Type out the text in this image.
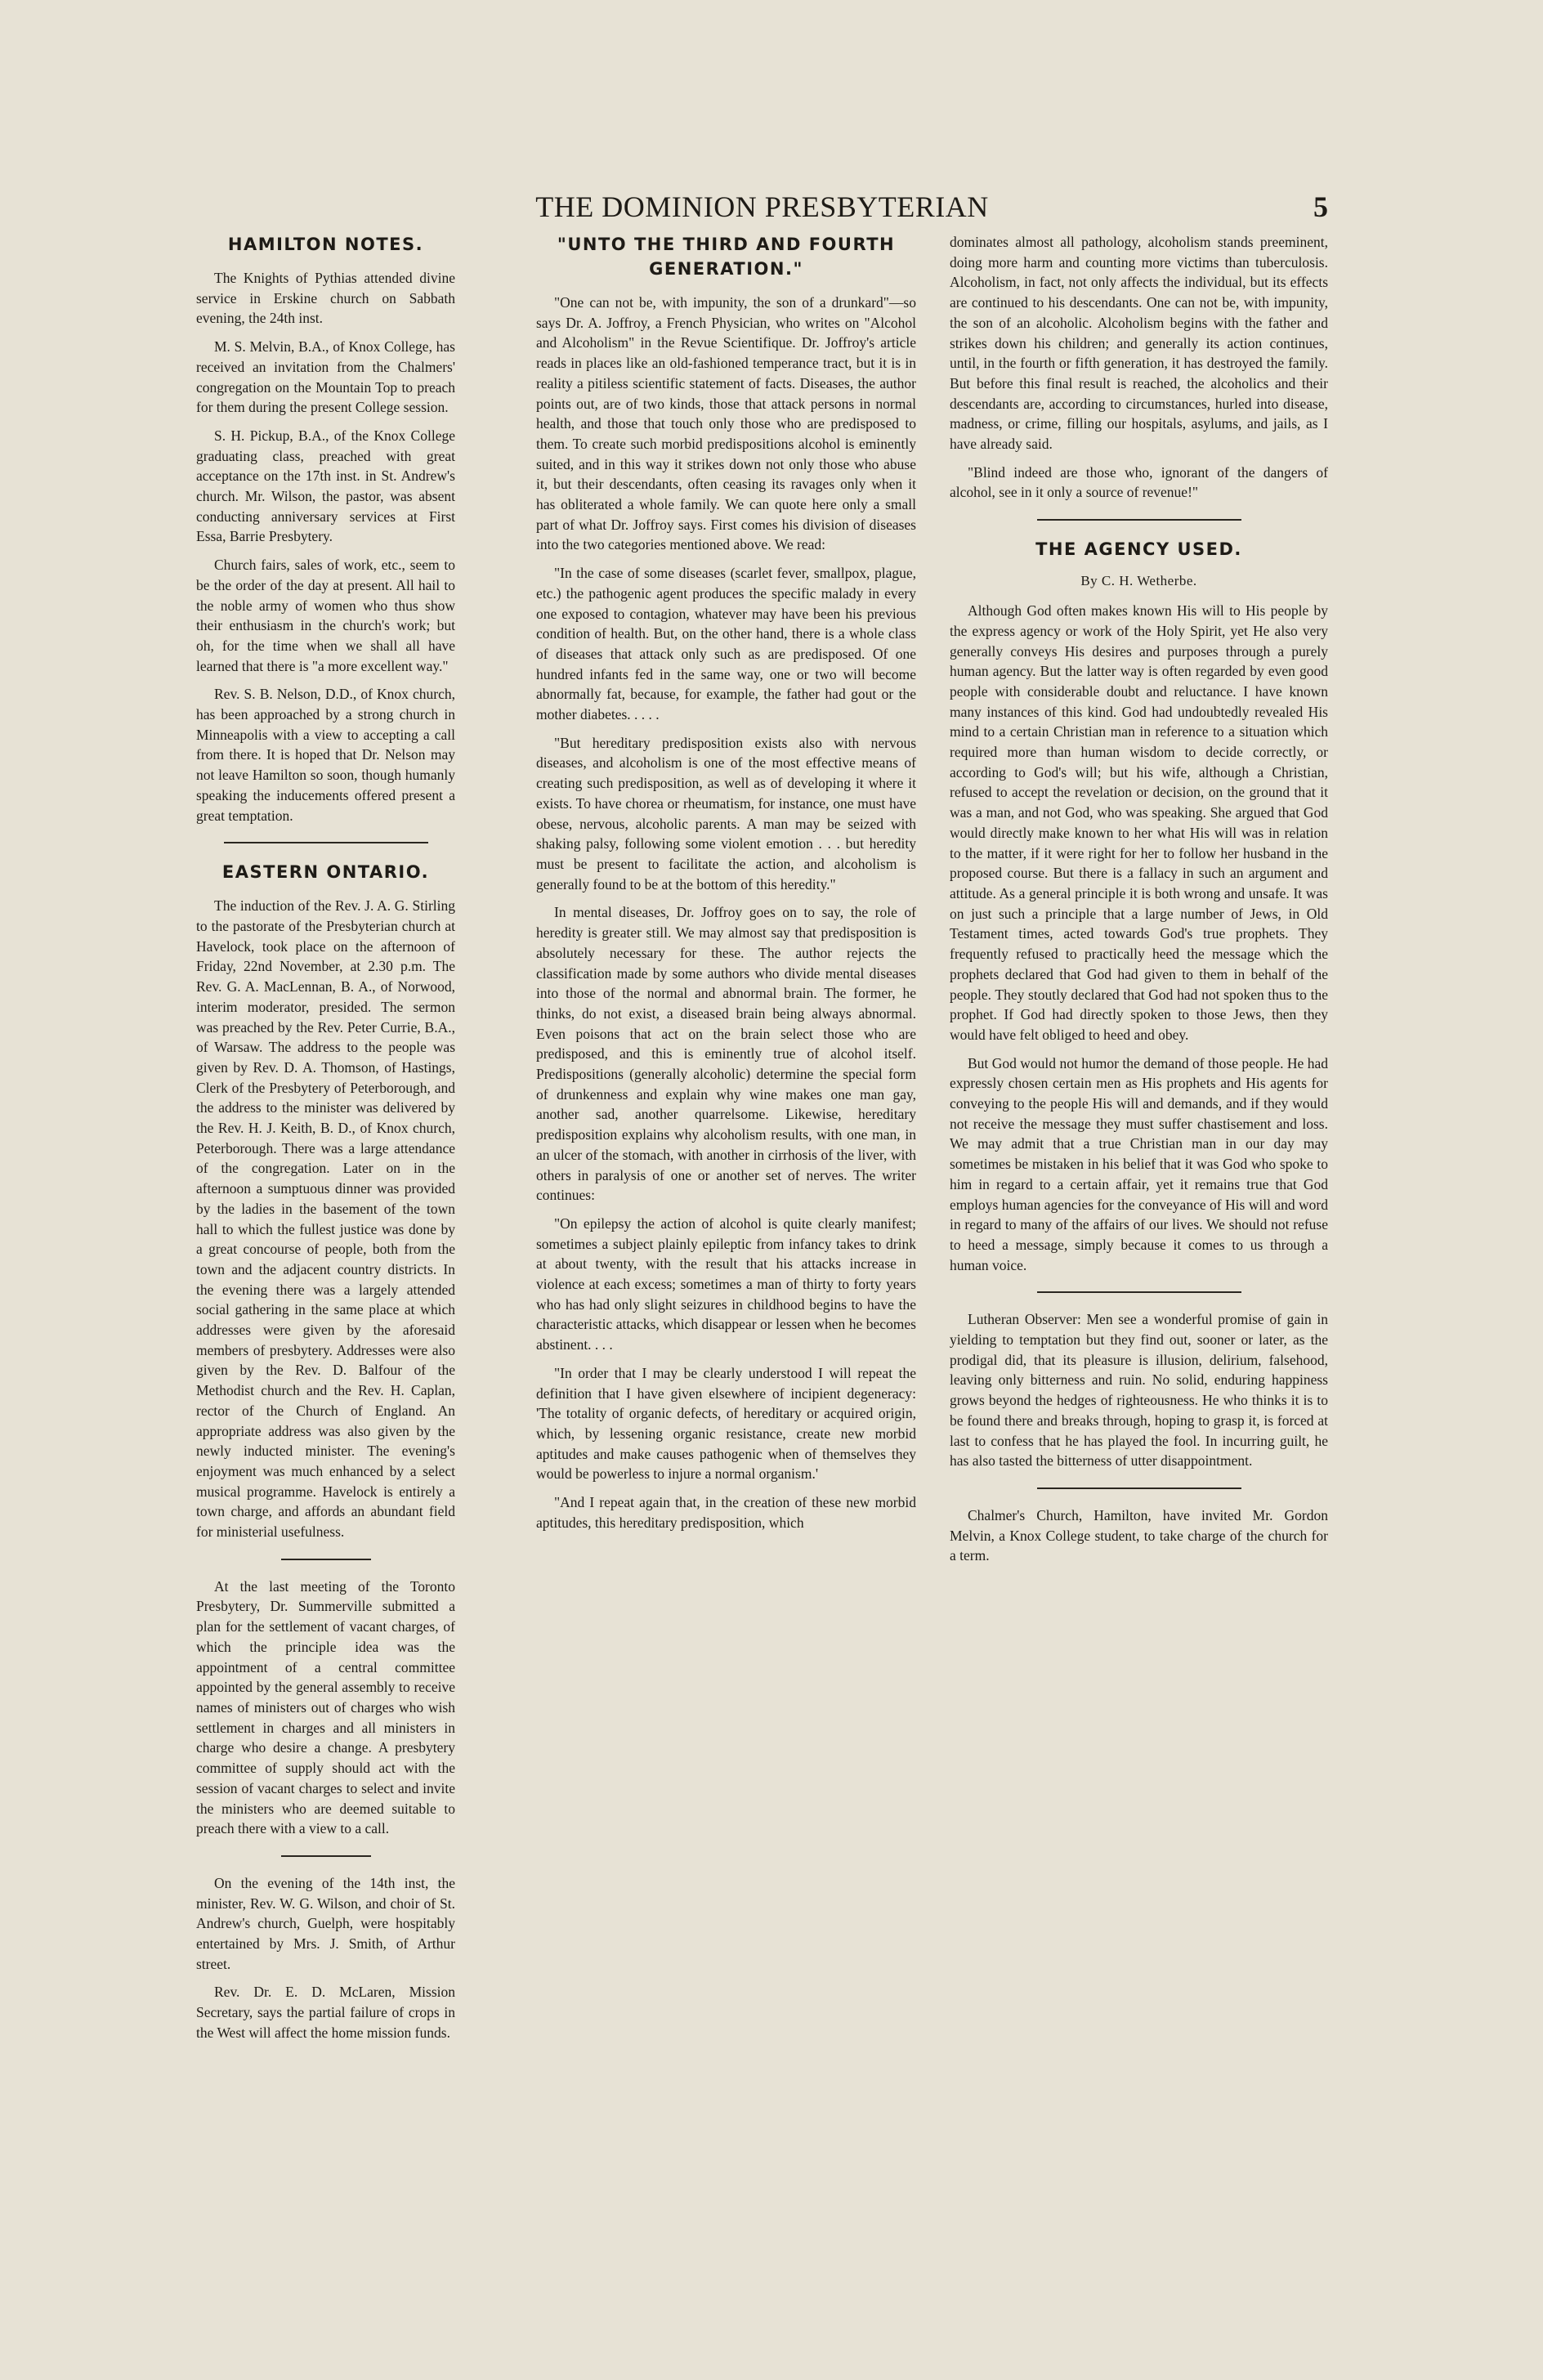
THE DOMINION PRESBYTERIAN	5
HAMILTON NOTES.

The Knights of Pythias attended divine service in Erskine church on Sabbath evening, the 24th inst.

M. S. Melvin, B.A., of Knox College, has received an invitation from the Chalmers' congregation on the Mountain Top to preach for them during the present College session.

S. H. Pickup, B.A., of the Knox College graduating class, preached with great acceptance on the 17th inst. in St. Andrew's church. Mr. Wilson, the pastor, was absent conducting anniversary services at First Essa, Barrie Presbytery.

Church fairs, sales of work, etc., seem to be the order of the day at present. All hail to the noble army of women who thus show their enthusiasm in the church's work; but oh, for the time when we shall all have learned that there is "a more excellent way."

Rev. S. B. Nelson, D.D., of Knox church, has been approached by a strong church in Minneapolis with a view to accepting a call from there. It is hoped that Dr. Nelson may not leave Hamilton so soon, though humanly speaking the inducements offered present a great temptation.

EASTERN ONTARIO.

The induction of the Rev. J. A. G. Stirling to the pastorate of the Presbyterian church at Havelock, took place on the afternoon of Friday, 22nd November, at 2.30 p.m. The Rev. G. A. MacLennan, B. A., of Norwood, interim moderator, presided. The sermon was preached by the Rev. Peter Currie, B.A., of Warsaw. The address to the people was given by Rev. D. A. Thomson, of Hastings, Clerk of the Presbytery of Peterborough, and the address to the minister was delivered by the Rev. H. J. Keith, B. D., of Knox church, Peterborough. There was a large attendance of the congregation. Later on in the afternoon a sumptuous dinner was provided by the ladies in the basement of the town hall to which the fullest justice was done by a great concourse of people, both from the town and the adjacent country districts. In the evening there was a largely attended social gathering in the same place at which addresses were given by the aforesaid members of presbytery. Addresses were also given by the Rev. D. Balfour of the Methodist church and the Rev. H. Caplan, rector of the Church of England. An appropriate address was also given by the newly inducted minister. The evening's enjoyment was much enhanced by a select musical programme. Havelock is entirely a town charge, and affords an abundant field for ministerial usefulness.

At the last meeting of the Toronto Presbytery, Dr. Summerville submitted a plan for the settlement of vacant charges, of which the principle idea was the appointment of a central committee appointed by the general assembly to receive names of ministers out of charges who wish settlement in charges and all ministers in charge who desire a change. A presbytery committee of supply should act with the session of vacant charges to select and invite the ministers who are deemed suitable to preach there with a view to a call.

On the evening of the 14th inst, the minister, Rev. W. G. Wilson, and choir of St. Andrew's church, Guelph, were hospitably entertained by Mrs. J. Smith, of Arthur street.

Rev. Dr. E. D. McLaren, Mission Secretary, says the partial failure of crops in the West will affect the home mission funds.

"UNTO THE THIRD AND FOURTH GENERATION."

"One can not be, with impunity, the son of a drunkard"—so says Dr. A. Joffroy, a French Physician, who writes on "Alcohol and Alcoholism" in the Revue Scientifique. Dr. Joffroy's article reads in places like an old-fashioned temperance tract, but it is in reality a pitiless scientific statement of facts. Diseases, the author points out, are of two kinds, those that attack persons in normal health, and those that touch only those who are predisposed to them. To create such morbid predispositions alcohol is eminently suited, and in this way it strikes down not only those who abuse it, but their descendants, often ceasing its ravages only when it has obliterated a whole family. We can quote here only a small part of what Dr. Joffroy says. First comes his division of diseases into the two categories mentioned above. We read:

"In the case of some diseases (scarlet fever, smallpox, plague, etc.) the pathogenic agent produces the specific malady in every one exposed to contagion, whatever may have been his previous condition of health. But, on the other hand, there is a whole class of diseases that attack only such as are predisposed. Of one hundred infants fed in the same way, one or two will become abnormally fat, because, for example, the father had gout or the mother diabetes. . . . .

"But hereditary predisposition exists also with nervous diseases, and alcoholism is one of the most effective means of creating such predisposition, as well as of developing it where it exists. To have chorea or rheumatism, for instance, one must have obese, nervous, alcoholic parents. A man may be seized with shaking palsy, following some violent emotion . . . but heredity must be present to facilitate the action, and alcoholism is generally found to be at the bottom of this heredity."

In mental diseases, Dr. Joffroy goes on to say, the role of heredity is greater still. We may almost say that predisposition is absolutely necessary for these. The author rejects the classification made by some authors who divide mental diseases into those of the normal and abnormal brain. The former, he thinks, do not exist, a diseased brain being always abnormal. Even poisons that act on the brain select those who are predisposed, and this is eminently true of alcohol itself. Predispositions (generally alcoholic) determine the special form of drunkenness and explain why wine makes one man gay, another sad, another quarrelsome. Likewise, hereditary predisposition explains why alcoholism results, with one man, in an ulcer of the stomach, with another in cirrhosis of the liver, with others in paralysis of one or another set of nerves. The writer continues:

"On epilepsy the action of alcohol is quite clearly manifest; sometimes a subject plainly epileptic from infancy takes to drink at about twenty, with the result that his attacks increase in violence at each excess; sometimes a man of thirty to forty years who has had only slight seizures in childhood begins to have the characteristic attacks, which disappear or lessen when he becomes abstinent. . . .

"In order that I may be clearly understood I will repeat the definition that I have given elsewhere of incipient degeneracy: 'The totality of organic defects, of hereditary or acquired origin, which, by lessening organic resistance, create new morbid aptitudes and make causes pathogenic when of themselves they would be powerless to injure a normal organism.'

"And I repeat again that, in the creation of these new morbid aptitudes, this hereditary predisposition, which

dominates almost all pathology, alcoholism stands preeminent, doing more harm and counting more victims than tuberculosis. Alcoholism, in fact, not only affects the individual, but its effects are continued to his descendants. One can not be, with impunity, the son of an alcoholic. Alcoholism begins with the father and strikes down his children; and generally its action continues, until, in the fourth or fifth generation, it has destroyed the family. But before this final result is reached, the alcoholics and their descendants are, according to circumstances, hurled into disease, madness, or crime, filling our hospitals, asylums, and jails, as I have already said.

"Blind indeed are those who, ignorant of the dangers of alcohol, see in it only a source of revenue!"

THE AGENCY USED.
By C. H. Wetherbe.

Although God often makes known His will to His people by the express agency or work of the Holy Spirit, yet He also very generally conveys His desires and purposes through a purely human agency. But the latter way is often regarded by even good people with considerable doubt and reluctance. I have known many instances of this kind. God had undoubtedly revealed His mind to a certain Christian man in reference to a situation which required more than human wisdom to decide correctly, or according to God's will; but his wife, although a Christian, refused to accept the revelation or decision, on the ground that it was a man, and not God, who was speaking. She argued that God would directly make known to her what His will was in relation to the matter, if it were right for her to follow her husband in the proposed course. But there is a fallacy in such an argument and attitude. As a general principle it is both wrong and unsafe. It was on just such a principle that a large number of Jews, in Old Testament times, acted towards God's true prophets. They frequently refused to practically heed the message which the prophets declared that God had given to them in behalf of the people. They stoutly declared that God had not spoken thus to the prophet. If God had directly spoken to those Jews, then they would have felt obliged to heed and obey.

But God would not humor the demand of those people. He had expressly chosen certain men as His prophets and His agents for conveying to the people His will and demands, and if they would not receive the message they must suffer chastisement and loss. We may admit that a true Christian man in our day may sometimes be mistaken in his belief that it was God who spoke to him in regard to a certain affair, yet it remains true that God employs human agencies for the conveyance of His will and word in regard to many of the affairs of our lives. We should not refuse to heed a message, simply because it comes to us through a human voice.

Lutheran Observer: Men see a wonderful promise of gain in yielding to temptation but they find out, sooner or later, as the prodigal did, that its pleasure is illusion, delirium, falsehood, leaving only bitterness and ruin. No solid, enduring happiness grows beyond the hedges of righteousness. He who thinks it is to be found there and breaks through, hoping to grasp it, is forced at last to confess that he has played the fool. In incurring guilt, he has also tasted the bitterness of utter disappointment.

Chalmer's Church, Hamilton, have invited Mr. Gordon Melvin, a Knox College student, to take charge of the church for a term.
